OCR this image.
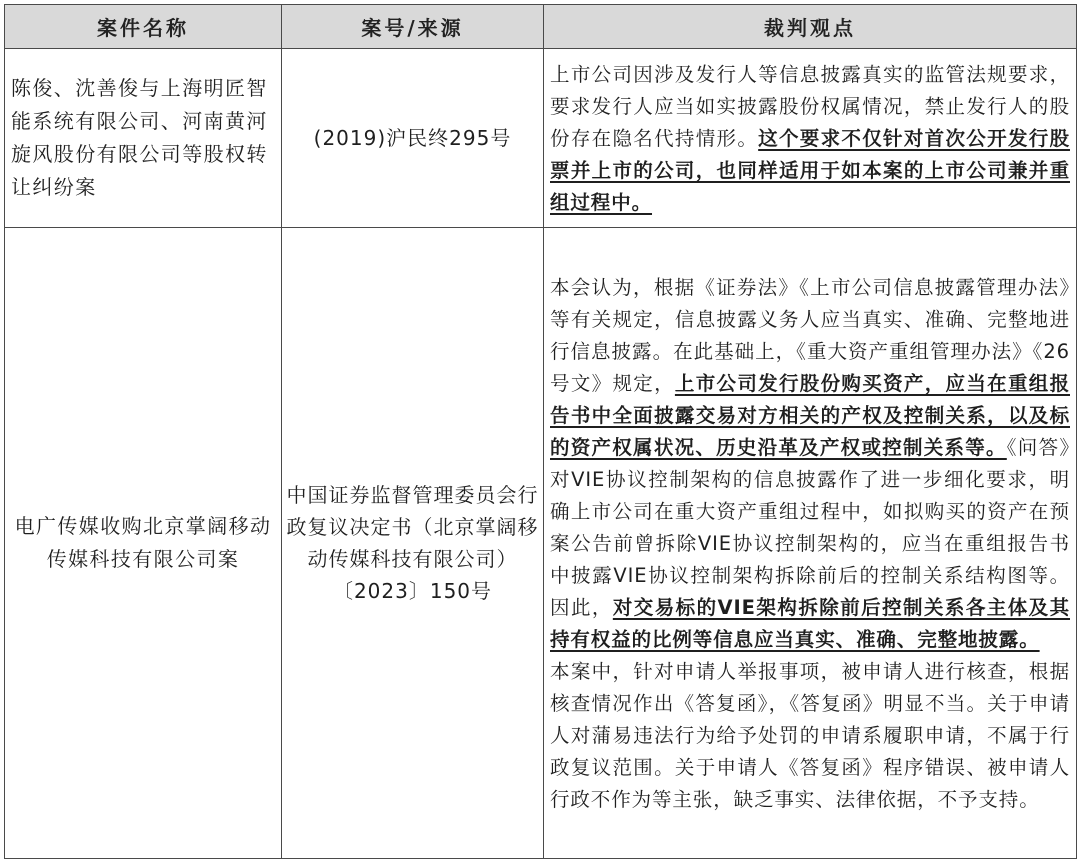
案件名称	案号/来源	裁判观点
陈俊、沈善俊与上海明匠智能系统有限公司、河南黄河旋风股份有限公司等股权转让纠纷案	(2019)沪民终295号	上市公司因涉及发行人等信息披露真实的监管法规要求，要求发行人应当如实披露股份权属情况，禁止发行人的股份存在隐名代持情形。这个要求不仅针对首次公开发行股票并上市的公司，也同样适用于如本案的上市公司兼并重组过程中。
电广传媒收购北京掌阔移动传媒科技有限公司案	中国证券监督管理委员会行政复议决定书（北京掌阔移动传媒科技有限公司）〔2023〕150号	本会认为，根据《证券法》《上市公司信息披露管理办法》等有关规定，信息披露义务人应当真实、准确、完整地进行信息披露。在此基础上，《重大资产重组管理办法》《26号文》规定，上市公司发行股份购买资产，应当在重组报告书中全面披露交易对方相关的产权及控制关系，以及标的资产权属状况、历史沿革及产权或控制关系等。《问答》对VIE协议控制架构的信息披露作了进一步细化要求，明确上市公司在重大资产重组过程中，如拟购买的资产在预案公告前曾拆除VIE协议控制架构的，应当在重组报告书中披露VIE协议控制架构拆除前后的控制关系结构图等。因此，对交易标的VIE架构拆除前后控制关系各主体及其持有权益的比例等信息应当真实、准确、完整地披露。
本案中，针对申请人举报事项，被申请人进行核查，根据核查情况作出《答复函》，《答复函》明显不当。关于申请人对蒲易违法行为给予处罚的申请系履职申请，不属于行政复议范围。关于申请人《答复函》程序错误、被申请人行政不作为等主张，缺乏事实、法律依据，不予支持。
